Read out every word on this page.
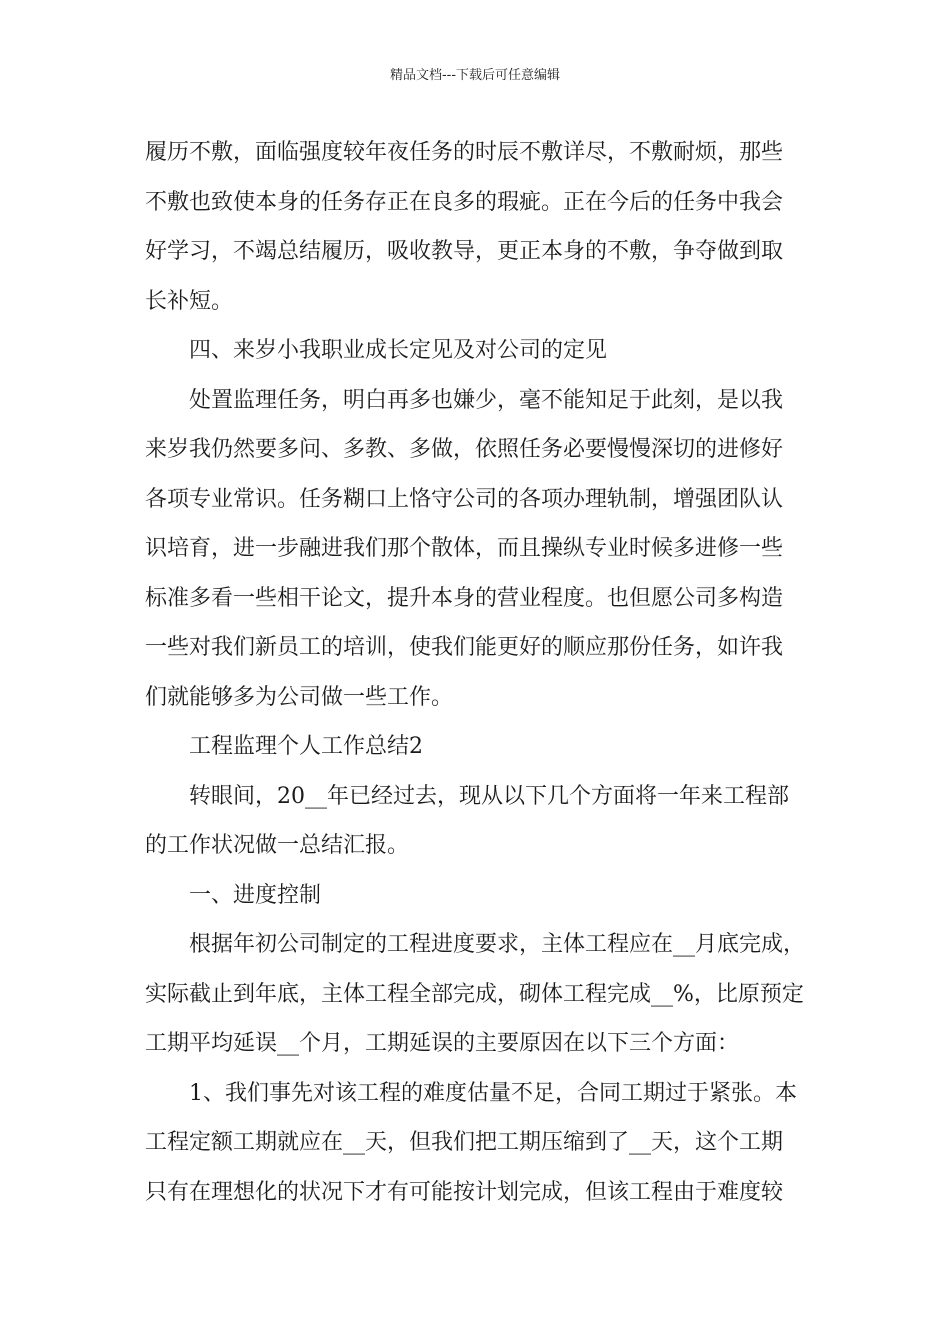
精品文档---下载后可任意编辑
履历不敷，面临强度较年夜任务的时辰不敷详尽，不敷耐烦，那些
不敷也致使本身的任务存正在良多的瑕疵。正在今后的任务中我会
好学习，不竭总结履历，吸收教导，更正本身的不敷，争夺做到取
长补短。
四、来岁小我职业成长定见及对公司的定见
处置监理任务，明白再多也嫌少，毫不能知足于此刻，是以我
来岁我仍然要多问、多教、多做，依照任务必要慢慢深切的进修好
各项专业常识。任务糊口上恪守公司的各项办理轨制，增强团队认
识培育，进一步融进我们那个散体，而且操纵专业时候多进修一些
标准多看一些相干论文，提升本身的营业程度。也但愿公司多构造
一些对我们新员工的培训，使我们能更好的顺应那份任务，如许我
们就能够多为公司做一些工作。
工程监理个人工作总结2
转眼间，20__年已经过去，现从以下几个方面将一年来工程部
的工作状况做一总结汇报。
一、进度控制
根据年初公司制定的工程进度要求，主体工程应在__月底完成，
实际截止到年底，主体工程全部完成，砌体工程完成__%，比原预定
工期平均延误__个月，工期延误的主要原因在以下三个方面：
1、我们事先对该工程的难度估量不足，合同工期过于紧张。本
工程定额工期就应在__天，但我们把工期压缩到了__天，这个工期
只有在理想化的状况下才有可能按计划完成，但该工程由于难度较
